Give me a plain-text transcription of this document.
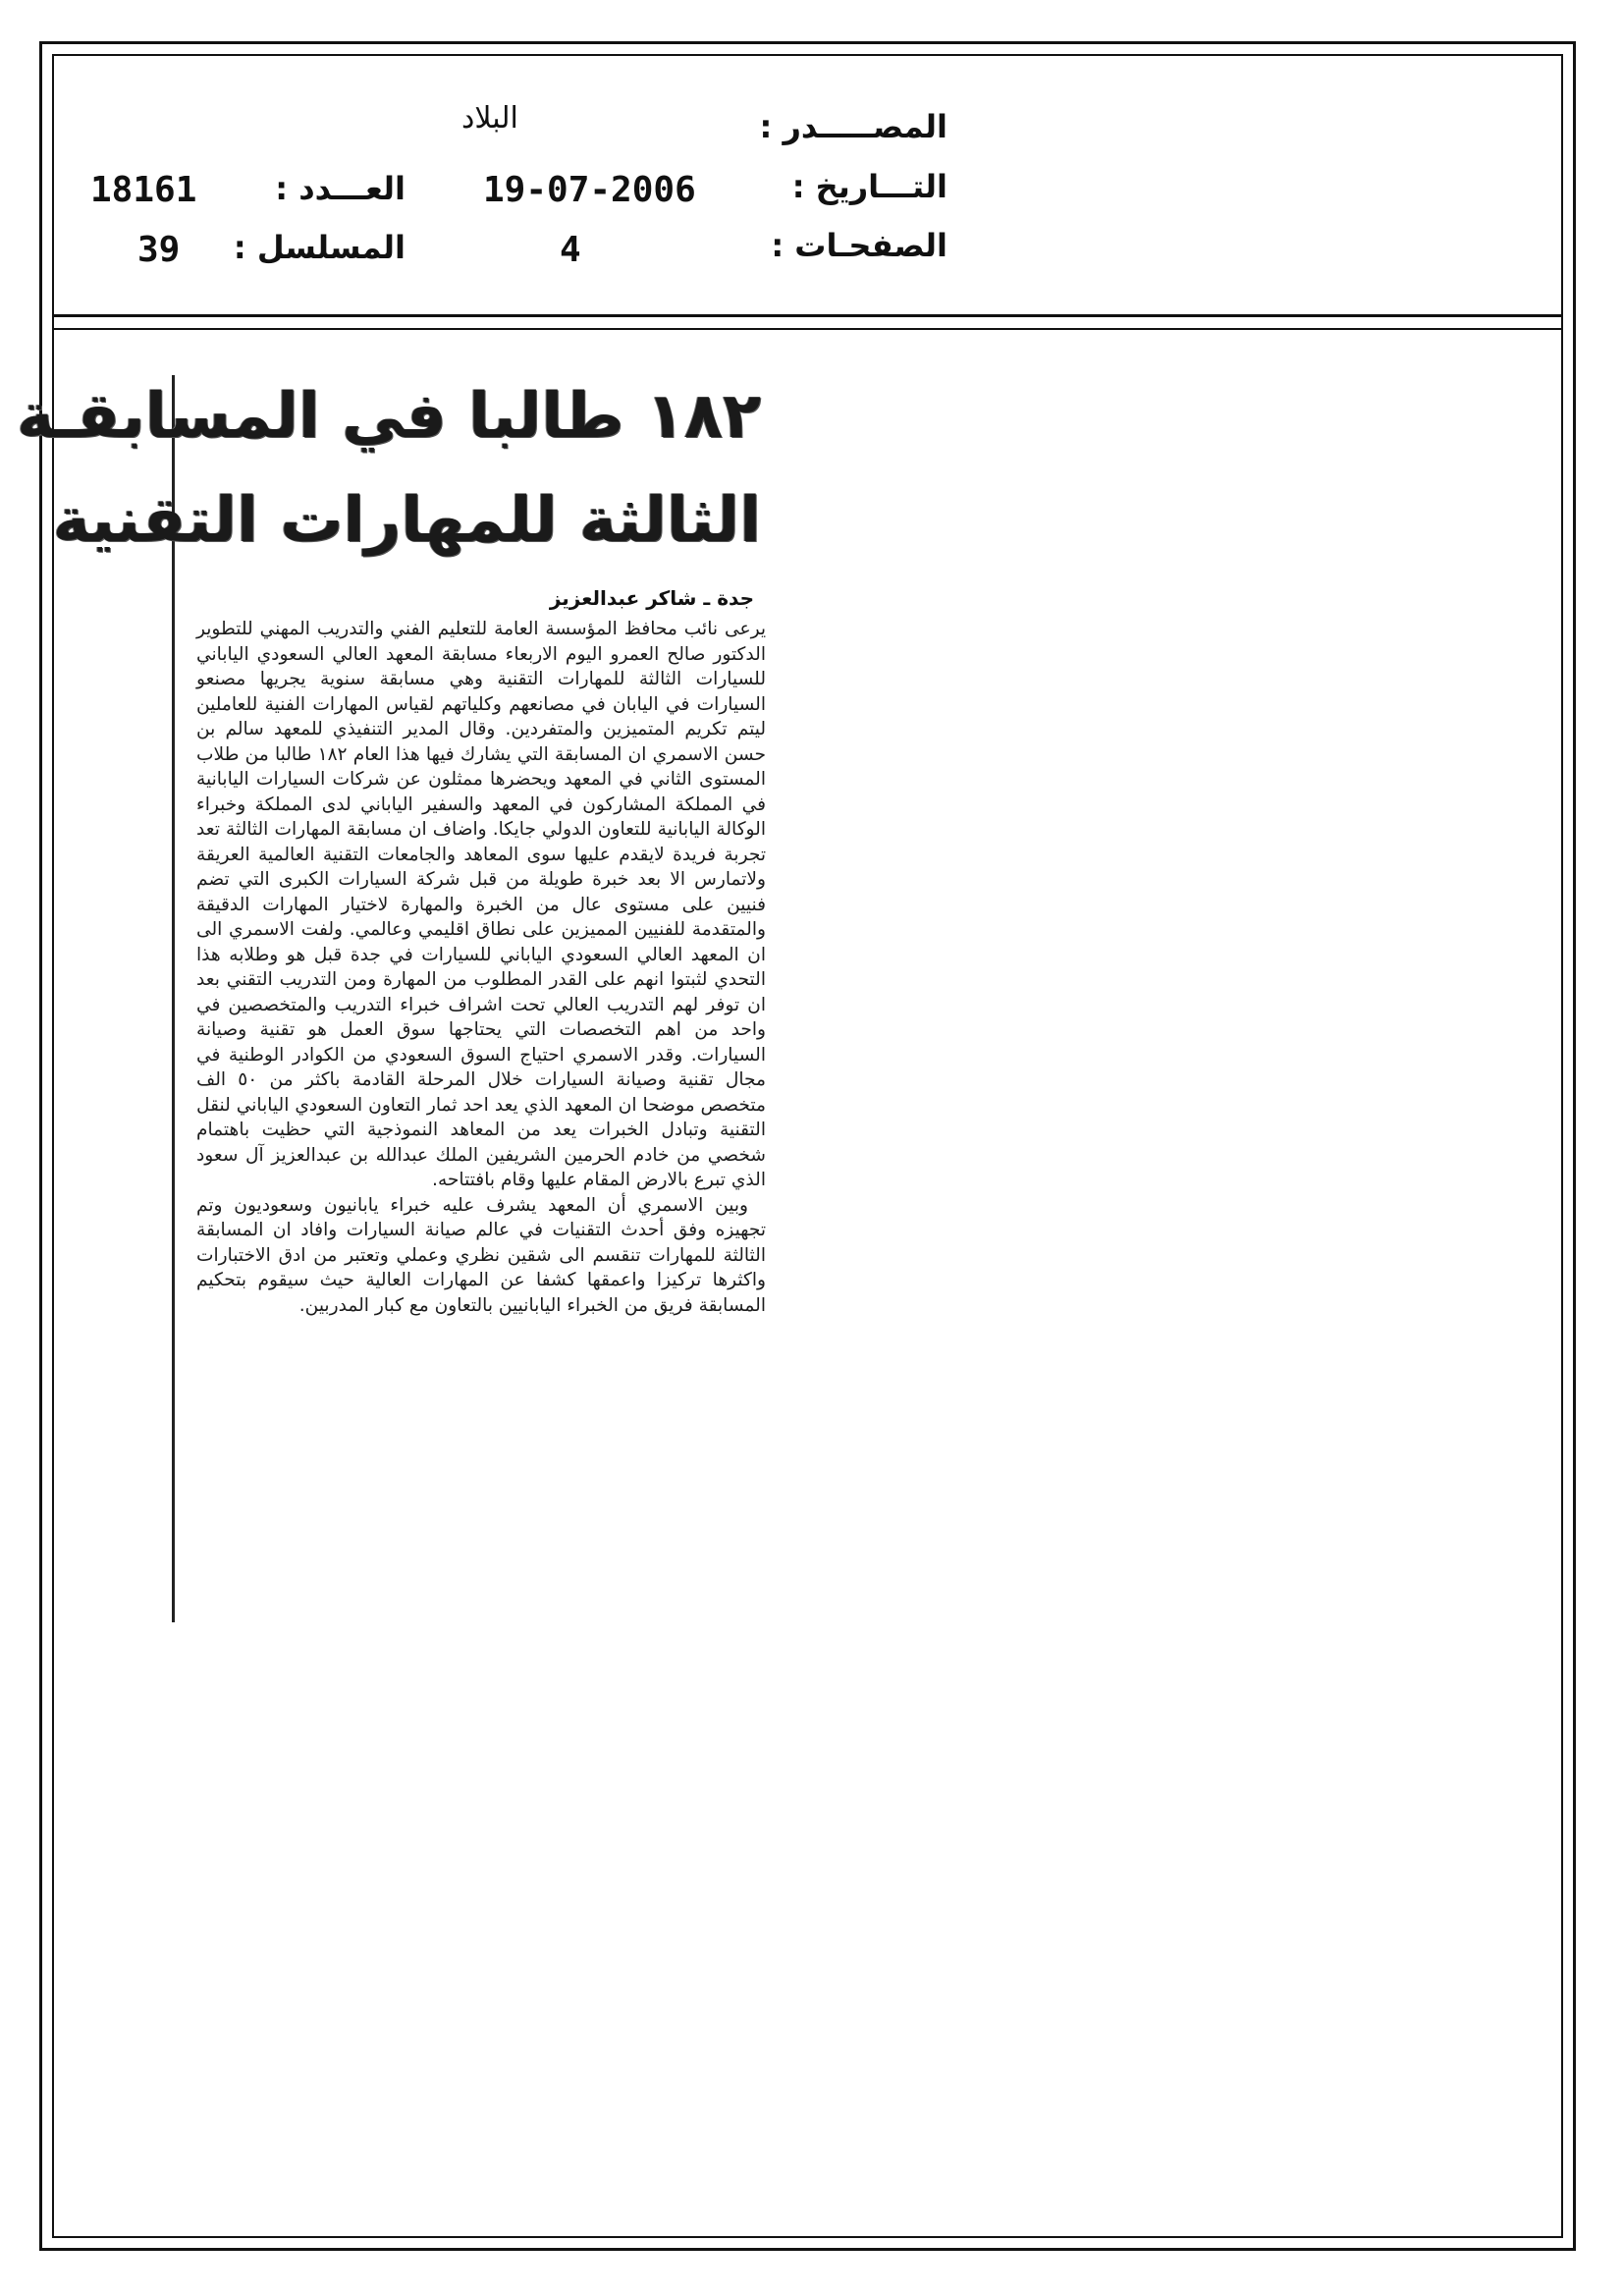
المصـــــدر :
البلاد
التـــاريخ :
19-07-2006
العـــدد :
18161
الصفحـات :
4
المسلسل :
39
١٨٢ طالبا في المسابقـة
الثالثة للمهارات التقنية
جدة ـ شاكر عبدالعزيز

يرعى نائب محافظ المؤسسة العامة للتعليم الفني والتدريب المهني للتطوير الدكتور صالح العمرو اليوم الاربعاء مسابقة المعهد العالي السعودي الياباني للسيارات الثالثة للمهارات التقنية وهي مسابقة سنوية يجريها مصنعو السيارات في اليابان في مصانعهم وكلياتهم لقياس المهارات الفنية للعاملين ليتم تكريم المتميزين والمتفردين. وقال المدير التنفيذي للمعهد سالم بن حسن الاسمري ان المسابقة التي يشارك فيها هذا العام ١٨٢ طالبا من طلاب المستوى الثاني في المعهد ويحضرها ممثلون عن شركات السيارات اليابانية في المملكة المشاركون في المعهد والسفير الياباني لدى المملكة وخبراء الوكالة اليابانية للتعاون الدولي جايكا. واضاف ان مسابقة المهارات الثالثة تعد تجربة فريدة لايقدم عليها سوى المعاهد والجامعات التقنية العالمية العريقة ولاتمارس الا بعد خبرة طويلة من قبل شركة السيارات الكبرى التي تضم فنيين على مستوى عال من الخبرة والمهارة لاختيار المهارات الدقيقة والمتقدمة للفنيين المميزين على نطاق اقليمي وعالمي. ولفت الاسمري الى ان المعهد العالي السعودي الياباني للسيارات في جدة قبل هو وطلابه هذا التحدي لثبتوا انهم على القدر المطلوب من المهارة ومن التدريب التقني بعد ان توفر لهم التدريب العالي تحت اشراف خبراء التدريب والمتخصصين في واحد من اهم التخصصات التي يحتاجها سوق العمل هو تقنية وصيانة السيارات. وقدر الاسمري احتياج السوق السعودي من الكوادر الوطنية في مجال تقنية وصيانة السيارات خلال المرحلة القادمة باكثر من ٥٠ الف متخصص موضحا ان المعهد الذي يعد احد ثمار التعاون السعودي الياباني لنقل التقنية وتبادل الخبرات يعد من المعاهد النموذجية التي حظيت باهتمام شخصي من خادم الحرمين الشريفين الملك عبدالله بن عبدالعزيز آل سعود الذي تبرع بالارض المقام عليها وقام بافتتاحه.

وبين الاسمري أن المعهد يشرف عليه خبراء يابانيون وسعوديون وتم تجهيزه وفق أحدث التقنيات في عالم صيانة السيارات وافاد ان المسابقة الثالثة للمهارات تنقسم الى شقين نظري وعملي وتعتبر من ادق الاختبارات واكثرها تركيزا واعمقها كشفا عن المهارات العالية حيث سيقوم بتحكيم المسابقة فريق من الخبراء اليابانيين بالتعاون مع كبار المدربين.
